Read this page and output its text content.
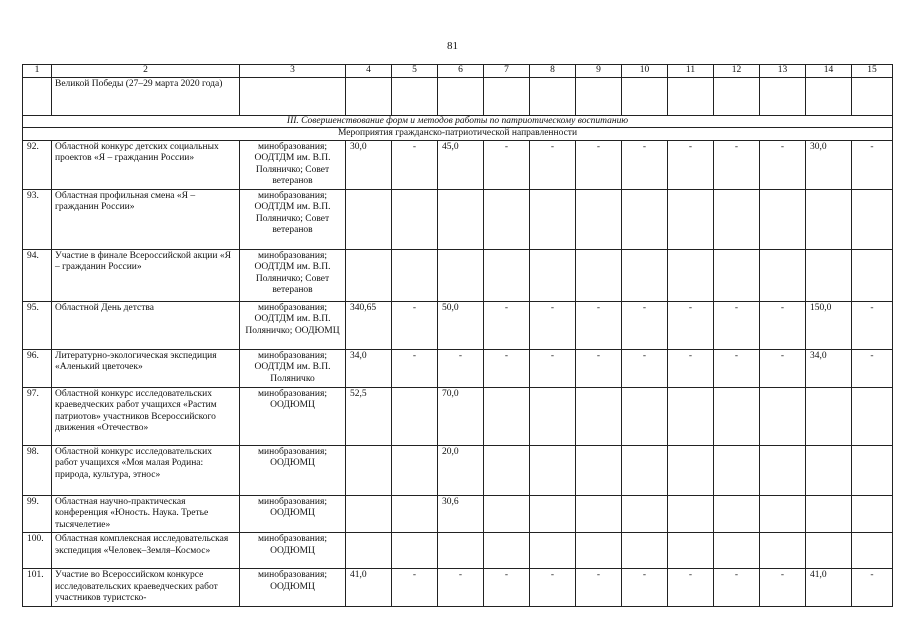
81
1	2	3	4	5	6	7	8	9	10	11	12	13	14	15
	Великой Победы (27–29 марта 2020 года)													
III. Совершенствование форм и методов работы по патриотическому воспитанию														
Мероприятия гражданско-патриотической направленности														
92.	Областной конкурс детских социальных проектов «Я – гражданин России»	минобразования; ООДТДМ им. В.П. Поляничко; Совет ветеранов	30,0	-	45,0	-	-	-	-	-	-	-	30,0	-
93.	Областная профильная смена «Я – гражданин России»	минобразования; ООДТДМ им. В.П. Поляничко; Совет ветеранов												
94.	Участие в финале Всероссийской акции «Я – гражданин России»	минобразования; ООДТДМ им. В.П. Поляничко; Совет ветеранов												
95.	Областной День детства	минобразования; ООДТДМ им. В.П. Поляничко; ООДЮМЦ	340,65	-	50,0	-	-	-	-	-	-	-	150,0	-
96.	Литературно-экологическая экспедиция «Аленький цветочек»	минобразования; ООДТДМ им. В.П. Поляничко	34,0	-	-	-	-	-	-	-	-	-	34,0	-
97.	Областной конкурс исследовательских краеведческих работ учащихся «Растим патриотов» участников Всероссийского движения «Отечество»	минобразования; ООДЮМЦ	52,5		70,0									
98.	Областной конкурс исследовательских работ учащихся «Моя малая Родина: природа, культура, этнос»	минобразования; ООДЮМЦ			20,0									
99.	Областная научно-практическая конференция «Юность. Наука. Третье тысячелетие»	минобразования; ООДЮМЦ			30,6									
100.	Областная комплексная исследовательская экспедиция «Человек–Земля–Космос»	минобразования; ООДЮМЦ												
101.	Участие во Всероссийском конкурсе исследовательских краеведческих работ участников туристско-	минобразования; ООДЮМЦ	41,0	-	-	-	-	-	-	-	-	-	41,0	-
